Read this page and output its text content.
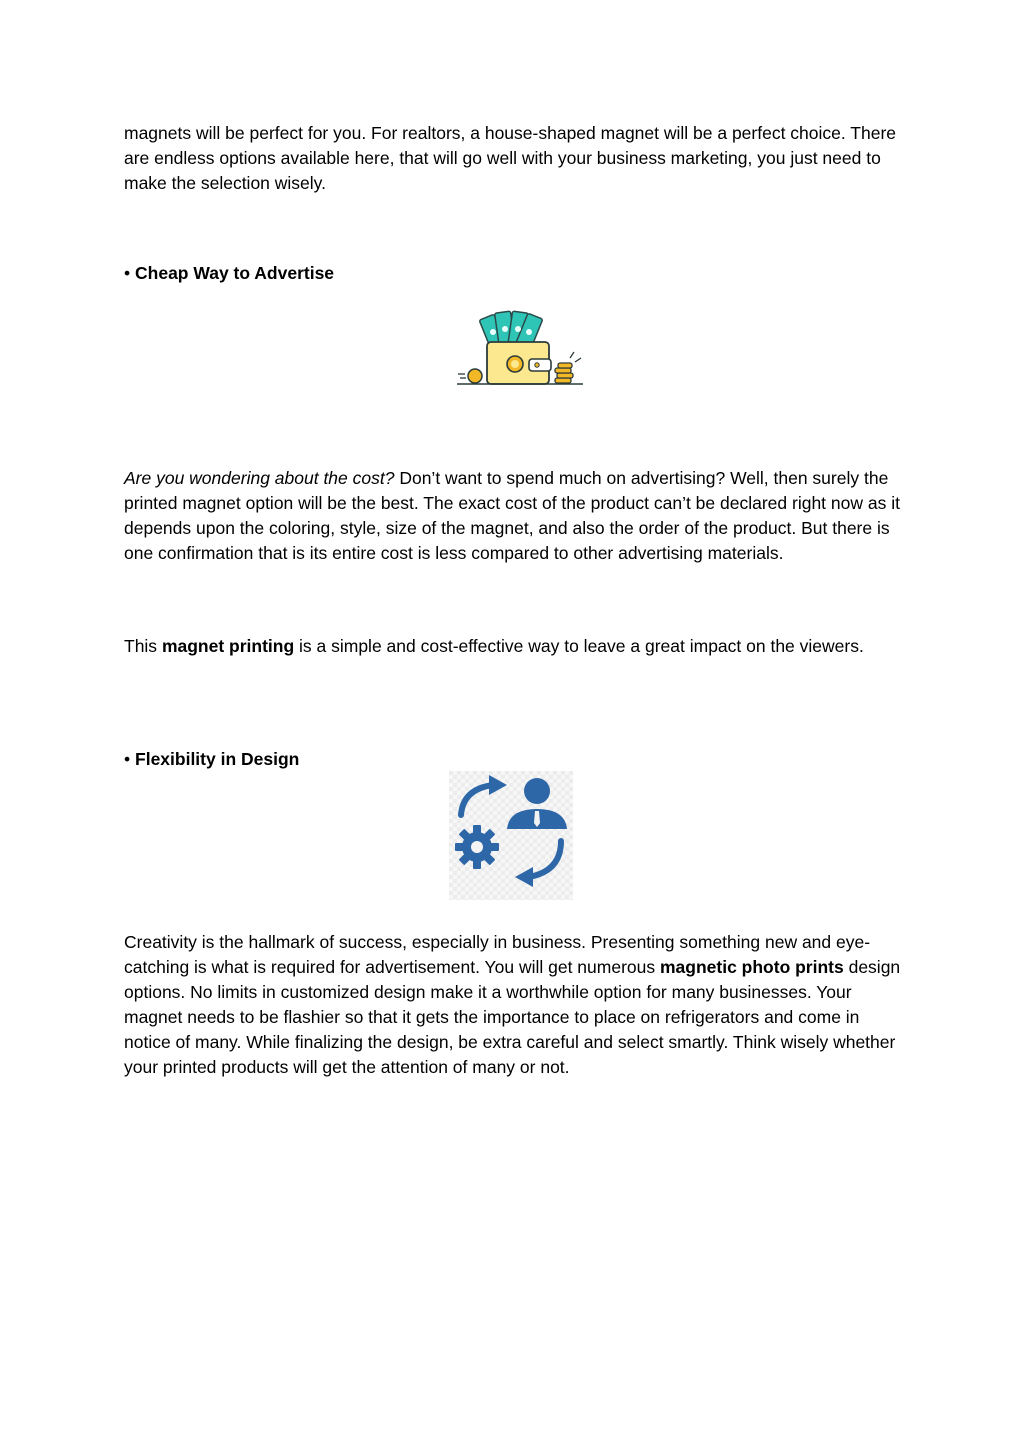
magnets will be perfect for you. For realtors, a house-shaped magnet will be a perfect choice. There are endless options available here, that will go well with your business marketing, you just need to make the selection wisely.

• Cheap Way to Advertise

Are you wondering about the cost? Don’t want to spend much on advertising? Well, then surely the printed magnet option will be the best. The exact cost of the product can’t be declared right now as it depends upon the coloring, style, size of the magnet, and also the order of the product. But there is one confirmation that is its entire cost is less compared to other advertising materials.

This magnet printing is a simple and cost-effective way to leave a great impact on the viewers.

• Flexibility in Design

Creativity is the hallmark of success, especially in business. Presenting something new and eye-catching is what is required for advertisement. You will get numerous magnetic photo prints design options. No limits in customized design make it a worthwhile option for many businesses. Your magnet needs to be flashier so that it gets the importance to place on refrigerators and come in notice of many. While finalizing the design, be extra careful and select smartly. Think wisely whether your printed products will get the attention of many or not.
